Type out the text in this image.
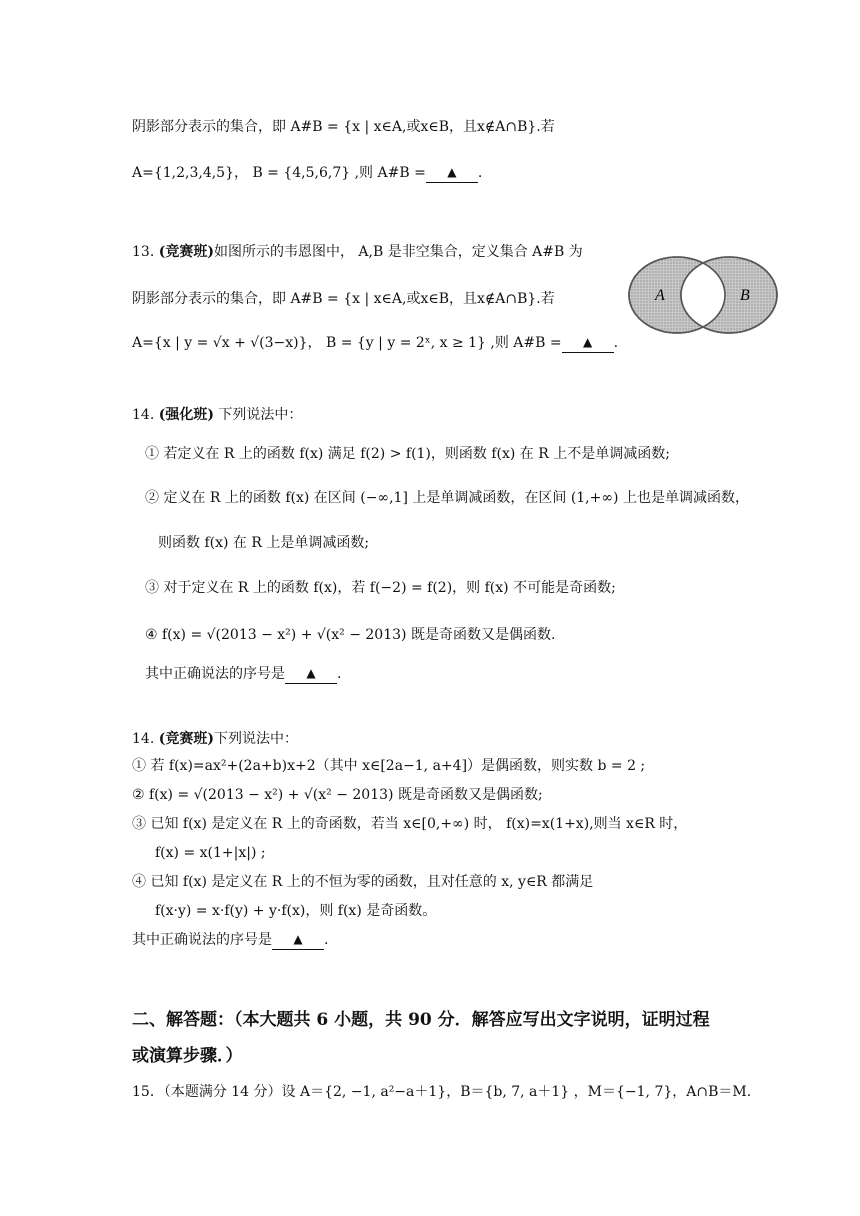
阴影部分表示的集合，即 A#B = {x | x∈A,或x∈B，且x∉A∩B}.若
A={1,2,3,4,5}， B = {4,5,6,7} ,则 A#B = ▲	.
13. (竞赛班)如图所示的韦恩图中， A,B 是非空集合，定义集合 A#B 为
阴影部分表示的集合，即 A#B = {x | x∈A,或x∈B，且x∉A∩B}.若
A={x | y = √x + √(3−x)}， B = {y | y = 2ˣ, x ≥ 1} ,则 A#B = ▲	.
A	B
14. (强化班) 下列说法中：
① 若定义在 R 上的函数 f(x) 满足 f(2) > f(1)，则函数 f(x) 在 R 上不是单调减函数;
② 定义在 R 上的函数 f(x) 在区间 (−∞,1] 上是单调减函数，在区间 (1,+∞) 上也是单调减函数，
则函数 f(x) 在 R 上是单调减函数;
③ 对于定义在 R 上的函数 f(x)，若 f(−2) = f(2)，则 f(x) 不可能是奇函数;
④ f(x) = √(2013 − x²) + √(x² − 2013) 既是奇函数又是偶函数.
其中正确说法的序号是 ▲	.
14. (竞赛班)下列说法中：
① 若 f(x)=ax²+(2a+b)x+2（其中 x∈[2a−1, a+4]）是偶函数，则实数 b = 2 ;
② f(x) = √(2013 − x²) + √(x² − 2013) 既是奇函数又是偶函数;
③ 已知 f(x) 是定义在 R 上的奇函数，若当 x∈[0,+∞) 时， f(x)=x(1+x),则当 x∈R 时，
f(x) = x(1+|x|) ;
④ 已知 f(x) 是定义在 R 上的不恒为零的函数，且对任意的 x, y∈R 都满足
f(x·y) = x·f(y) + y·f(x)，则 f(x) 是奇函数。
其中正确说法的序号是 ▲	.
二、解答题：（本大题共 6 小题，共 90 分．解答应写出文字说明，证明过程
或演算步骤．）
15．（本题满分 14 分）设 A＝{2, −1, a²−a＋1}，B＝{b, 7, a＋1} ，M＝{−1, 7}，A∩B＝M.
